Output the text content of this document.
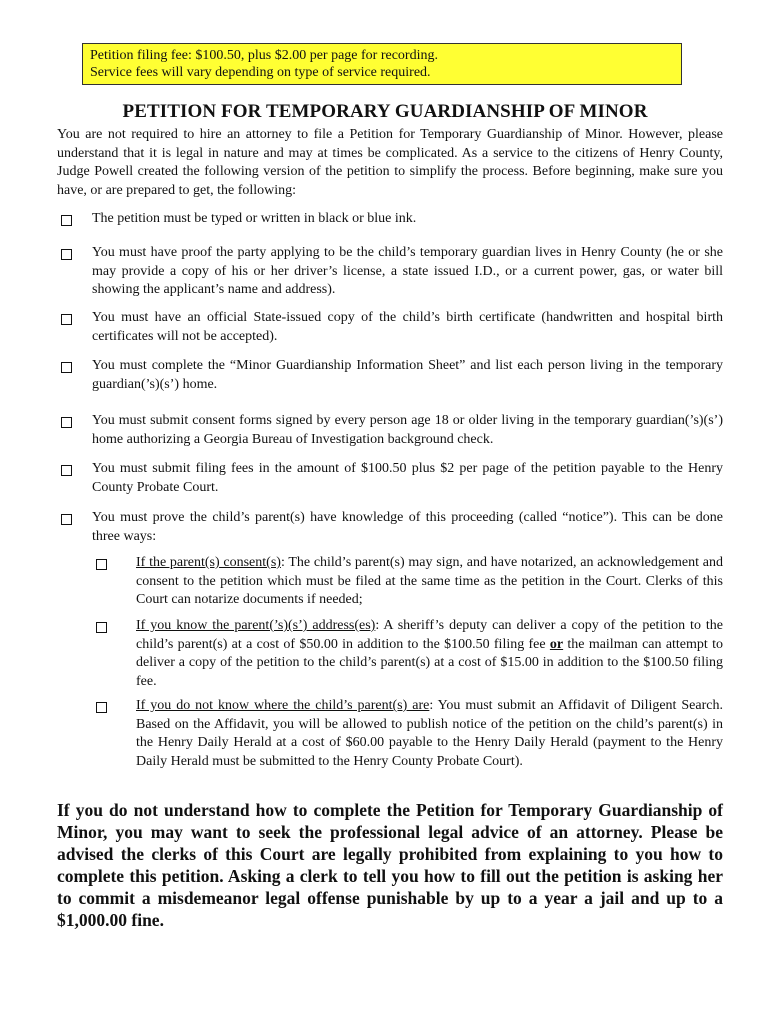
Petition filing fee: $100.50, plus $2.00 per page for recording.
Service fees will vary depending on type of service required.
PETITION FOR TEMPORARY GUARDIANSHIP OF MINOR
You are not required to hire an attorney to file a Petition for Temporary Guardianship of Minor. However, please understand that it is legal in nature and may at times be complicated. As a service to the citizens of Henry County, Judge Powell created the following version of the petition to simplify the process. Before beginning, make sure you have, or are prepared to get, the following:
The petition must be typed or written in black or blue ink.
You must have proof the party applying to be the child’s temporary guardian lives in Henry County (he or she may provide a copy of his or her driver’s license, a state issued I.D., or a current power, gas, or water bill showing the applicant’s name and address).
You must have an official State-issued copy of the child’s birth certificate (handwritten and hospital birth certificates will not be accepted).
You must complete the “Minor Guardianship Information Sheet” and list each person living in the temporary guardian(’s)(s’) home.
You must submit consent forms signed by every person age 18 or older living in the temporary guardian(’s)(s’) home authorizing a Georgia Bureau of Investigation background check.
You must submit filing fees in the amount of $100.50 plus $2 per page of the petition payable to the Henry County Probate Court.
You must prove the child’s parent(s) have knowledge of this proceeding (called “notice”). This can be done three ways:
If the parent(s) consent(s): The child’s parent(s) may sign, and have notarized, an acknowledgement and consent to the petition which must be filed at the same time as the petition in the Court. Clerks of this Court can notarize documents if needed;
If you know the parent(’s)(s’) address(es): A sheriff’s deputy can deliver a copy of the petition to the child’s parent(s) at a cost of $50.00 in addition to the $100.50 filing fee or the mailman can attempt to deliver a copy of the petition to the child’s parent(s) at a cost of $15.00 in addition to the $100.50 filing fee.
If you do not know where the child’s parent(s) are: You must submit an Affidavit of Diligent Search. Based on the Affidavit, you will be allowed to publish notice of the petition on the child’s parent(s) in the Henry Daily Herald at a cost of $60.00 payable to the Henry Daily Herald (payment to the Henry Daily Herald must be submitted to the Henry County Probate Court).
If you do not understand how to complete the Petition for Temporary Guardianship of Minor, you may want to seek the professional legal advice of an attorney. Please be advised the clerks of this Court are legally prohibited from explaining to you how to complete this petition. Asking a clerk to tell you how to fill out the petition is asking her to commit a misdemeanor legal offense punishable by up to a year a jail and up to a $1,000.00 fine.
